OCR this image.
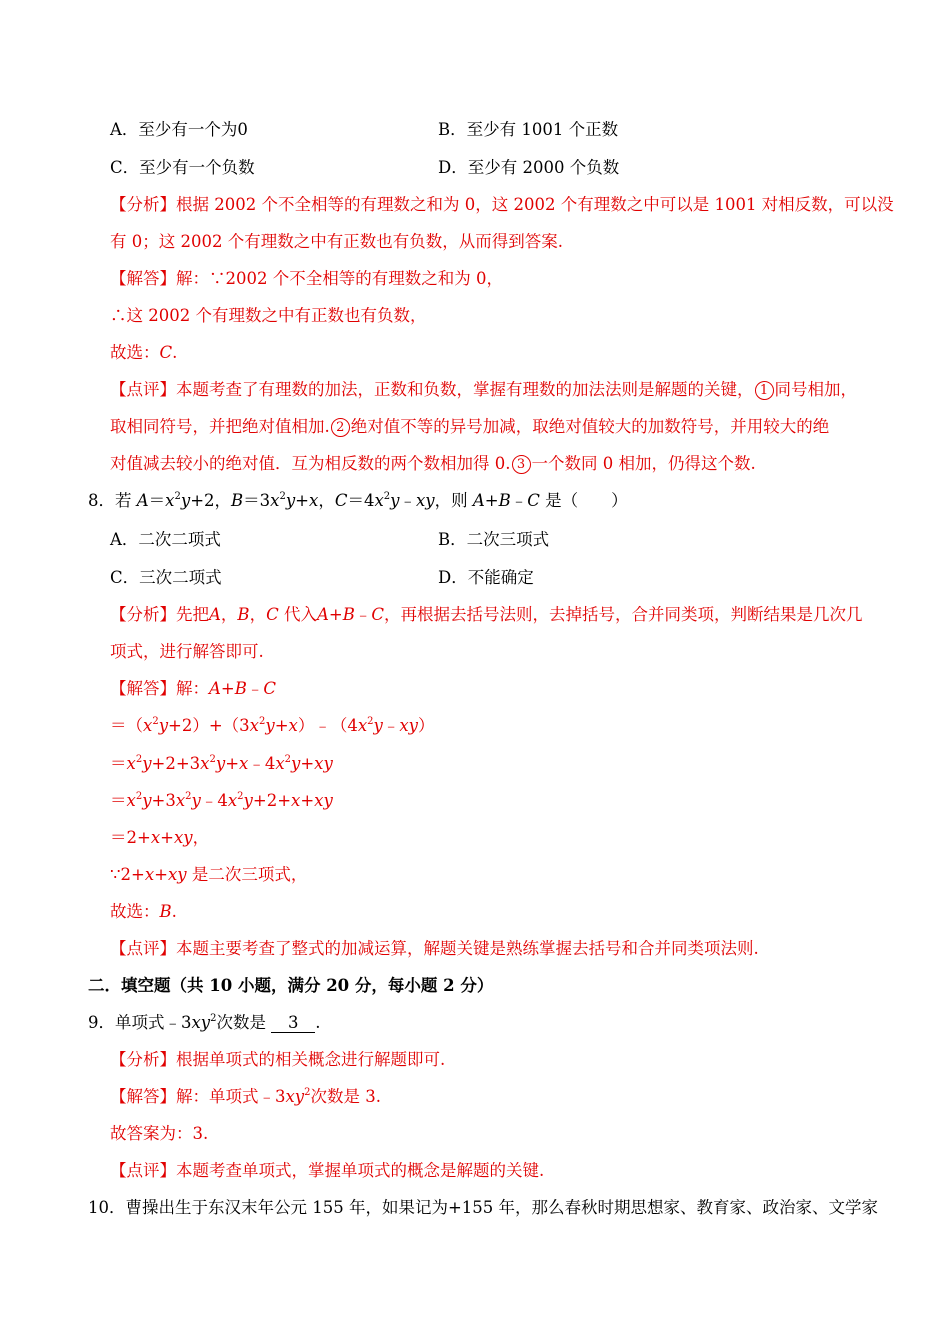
A．至少有一个为0	B．至少有 1001 个正数
C．至少有一个负数	D．至少有 2000 个负数
【分析】根据 2002 个不全相等的有理数之和为 0，这 2002 个有理数之中可以是 1001 对相反数，可以没
有 0；这 2002 个有理数之中有正数也有负数，从而得到答案.
【解答】解：∵2002 个不全相等的有理数之和为 0，
∴这 2002 个有理数之中有正数也有负数，
故选：C.
【点评】本题考查了有理数的加法，正数和负数，掌握有理数的加法法则是解题的关键， 1 同号相加，
取相同符号，并把绝对值相加. 2 绝对值不等的异号加减，取绝对值较大的加数符号，并用较大的绝
对值减去较小的绝对值．互为相反数的两个数相加得 0. 3 一个数同 0 相加，仍得这个数.
8．若 $A=x^2y+2$，$B=3x^2y+x$，$C=4x^2y﹣xy$，则 A+B﹣C 是（　　）
A．二次二项式	B．二次三项式
C．三次二项式	D．不能确定
【分析】先把A，B，C 代入A+B﹣C，再根据去括号法则，去掉括号，合并同类项，判断结果是几次几
项式，进行解答即可.
【解答】解：A+B﹣C
$=(x^2y+2)+(3x^2y+x)﹣(4x^2y﹣xy)$
$=x^2y+2+3x^2y+x﹣4x^2y+xy$
$=x^2y+3x^2y﹣4x^2y+2+x+xy$
＝2+x+xy，
∵2+x+xy 是二次三项式，
故选：B.
【点评】本题主要考查了整式的加减运算，解题关键是熟练掌握去括号和合并同类项法则.
二．填空题（共 10 小题，满分 20 分，每小题 2 分）
9．单项式$﹣3xy^2$次数是 3 .
【分析】根据单项式的相关概念进行解题即可.
【解答】解：单项式$﹣3xy^2$次数是 3.
故答案为：3.
【点评】本题考查单项式，掌握单项式的概念是解题的关键.
10．曹操出生于东汉末年公元 155 年，如果记为+155 年，那么春秋时期思想家、教育家、政治家、文学家
